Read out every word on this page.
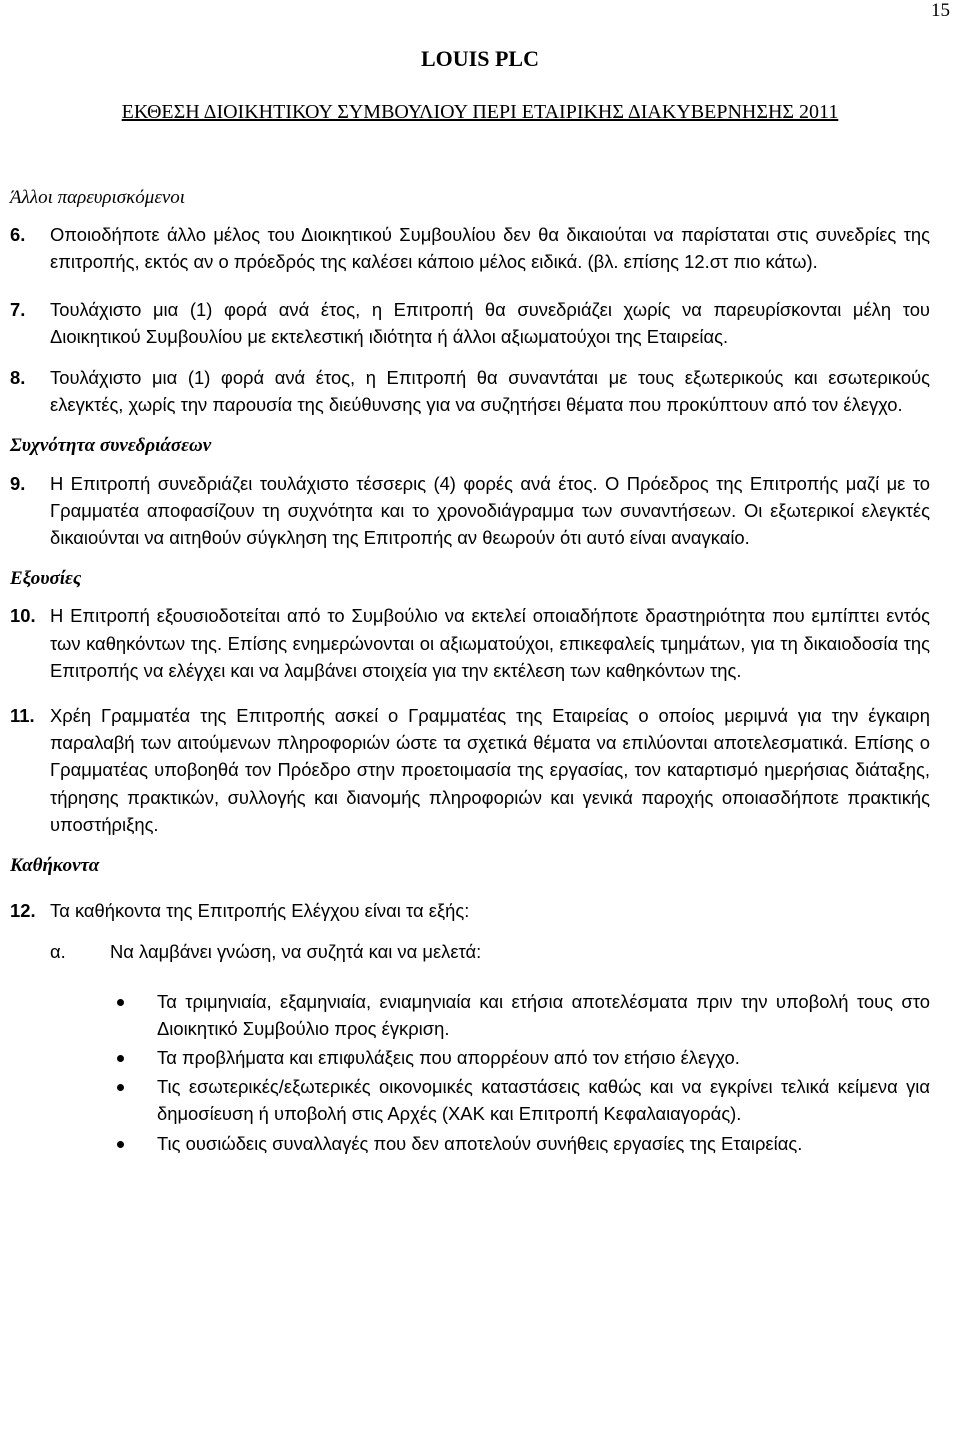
15
LOUIS PLC
ΕΚΘΕΣΗ ΔΙΟΙΚΗΤΙΚΟΥ ΣΥΜΒΟΥΛΙΟΥ ΠΕΡΙ ΕΤΑΙΡΙΚΗΣ ΔΙΑΚΥΒΕΡΝΗΣΗΣ 2011
Άλλοι παρευρισκόμενοι
6.	Οποιοδήποτε άλλο μέλος του Διοικητικού Συμβουλίου δεν θα δικαιούται να παρίσταται στις συνεδρίες της επιτροπής, εκτός αν ο πρόεδρός της καλέσει κάποιο μέλος ειδικά. (βλ. επίσης 12.στ πιο κάτω).
7.	Τουλάχιστο μια (1) φορά ανά έτος, η Επιτροπή θα συνεδριάζει χωρίς να παρευρίσκονται μέλη του Διοικητικού Συμβουλίου με εκτελεστική ιδιότητα ή άλλοι αξιωματούχοι της Εταιρείας.
8.	Τουλάχιστο μια (1) φορά ανά έτος, η Επιτροπή θα συναντάται με τους εξωτερικούς και εσωτερικούς ελεγκτές, χωρίς την παρουσία της διεύθυνσης για να συζητήσει θέματα που προκύπτουν από τον έλεγχο.
Συχνότητα συνεδριάσεων
9.	Η Επιτροπή συνεδριάζει τουλάχιστο τέσσερις (4) φορές ανά έτος. Ο Πρόεδρος της Επιτροπής μαζί με το Γραμματέα αποφασίζουν τη συχνότητα και το χρονοδιάγραμμα των συναντήσεων. Οι εξωτερικοί ελεγκτές δικαιούνται να αιτηθούν σύγκληση της Επιτροπής αν θεωρούν ότι αυτό είναι αναγκαίο.
Εξουσίες
10. Η Επιτροπή εξουσιοδοτείται από το Συμβούλιο να εκτελεί οποιαδήποτε δραστηριότητα που εμπίπτει εντός των καθηκόντων της. Επίσης ενημερώνονται οι αξιωματούχοι, επικεφαλείς τμημάτων, για τη δικαιοδοσία της Επιτροπής να ελέγχει και να λαμβάνει στοιχεία για την εκτέλεση των καθηκόντων της.
11. Χρέη Γραμματέα της Επιτροπής ασκεί ο Γραμματέας της Εταιρείας ο οποίος μεριμνά για την έγκαιρη παραλαβή των αιτούμενων πληροφοριών ώστε τα σχετικά θέματα να επιλύονται αποτελεσματικά. Επίσης ο Γραμματέας υποβοηθά τον Πρόεδρο στην προετοιμασία της εργασίας, τον καταρτισμό ημερήσιας διάταξης, τήρησης πρακτικών, συλλογής και διανομής πληροφοριών και γενικά παροχής οποιασδήποτε πρακτικής υποστήριξης.
Καθήκοντα
12. Τα καθήκοντα της Επιτροπής Ελέγχου είναι τα εξής:
α.	Να λαμβάνει γνώση, να συζητά και να μελετά:
Τα τριμηνιαία, εξαμηνιαία, ενιαμηνιαία και ετήσια αποτελέσματα πριν την υποβολή τους στο Διοικητικό Συμβούλιο προς έγκριση.
Τα προβλήματα και επιφυλάξεις που απορρέουν από τον ετήσιο έλεγχο.
Τις εσωτερικές/εξωτερικές οικονομικές καταστάσεις καθώς και να εγκρίνει τελικά κείμενα για δημοσίευση ή υποβολή στις Αρχές (ΧΑΚ και Επιτροπή Κεφαλαιαγοράς).
Τις ουσιώδεις συναλλαγές που δεν αποτελούν συνήθεις εργασίες της Εταιρείας.
